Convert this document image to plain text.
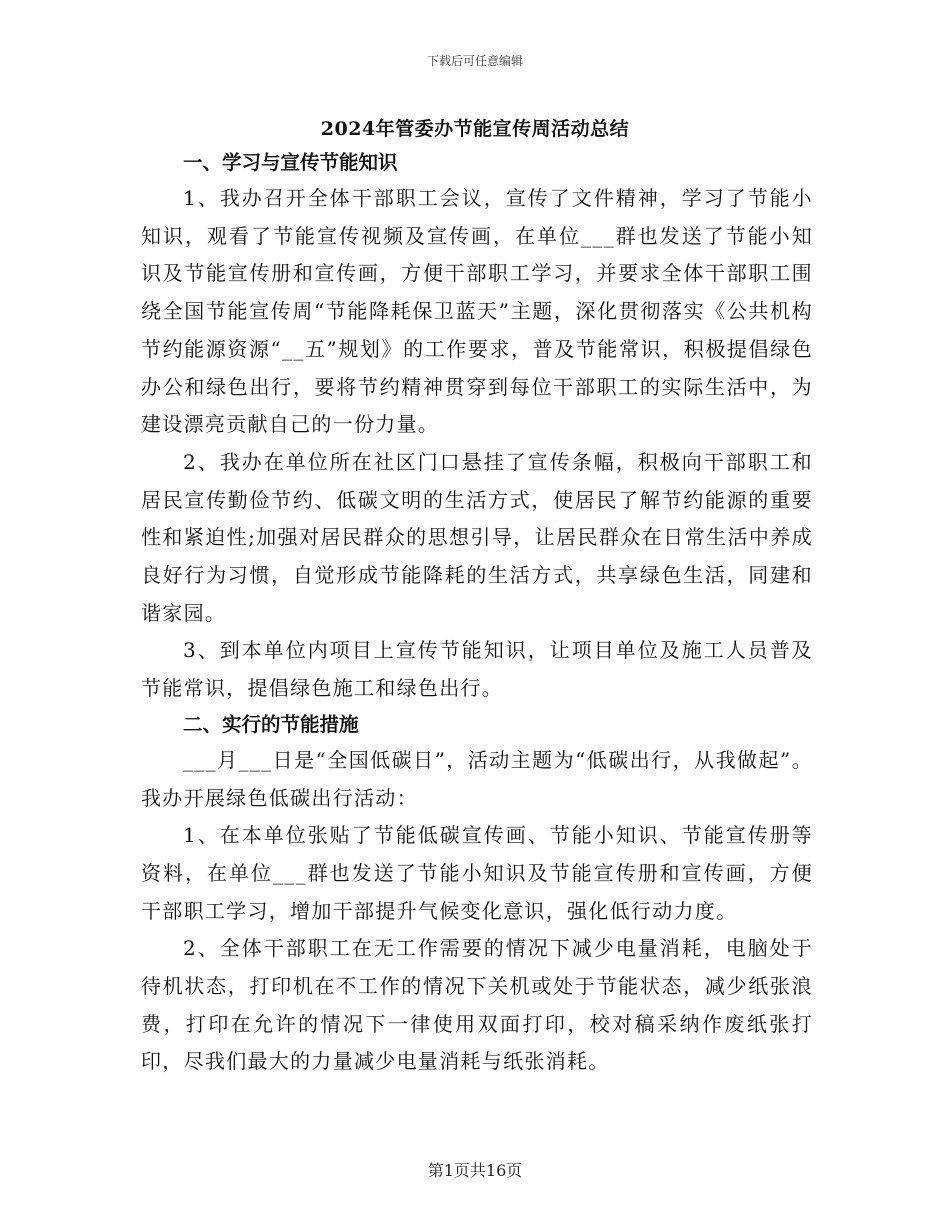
下载后可任意编辑
2024年管委办节能宣传周活动总结
一、学习与宣传节能知识

1、我办召开全体干部职工会议，宣传了文件精神，学习了节能小知识，观看了节能宣传视频及宣传画，在单位___群也发送了节能小知识及节能宣传册和宣传画，方便干部职工学习，并要求全体干部职工围绕全国节能宣传周“节能降耗保卫蓝天”主题，深化贯彻落实《公共机构节约能源资源“__五”规划》的工作要求，普及节能常识，积极提倡绿色办公和绿色出行，要将节约精神贯穿到每位干部职工的实际生活中，为建设漂亮贡献自己的一份力量。

2、我办在单位所在社区门口悬挂了宣传条幅，积极向干部职工和居民宣传勤俭节约、低碳文明的生活方式，使居民了解节约能源的重要性和紧迫性;加强对居民群众的思想引导，让居民群众在日常生活中养成良好行为习惯，自觉形成节能降耗的生活方式，共享绿色生活，同建和谐家园。

3、到本单位内项目上宣传节能知识，让项目单位及施工人员普及节能常识，提倡绿色施工和绿色出行。

二、实行的节能措施

___月___日是“全国低碳日”，活动主题为“低碳出行，从我做起”。我办开展绿色低碳出行活动：

1、在本单位张贴了节能低碳宣传画、节能小知识、节能宣传册等资料，在单位___群也发送了节能小知识及节能宣传册和宣传画，方便干部职工学习，增加干部提升气候变化意识，强化低行动力度。

2、全体干部职工在无工作需要的情况下减少电量消耗，电脑处于待机状态，打印机在不工作的情况下关机或处于节能状态，减少纸张浪费，打印在允许的情况下一律使用双面打印，校对稿采纳作废纸张打印，尽我们最大的力量减少电量消耗与纸张消耗。

第1页共16页
